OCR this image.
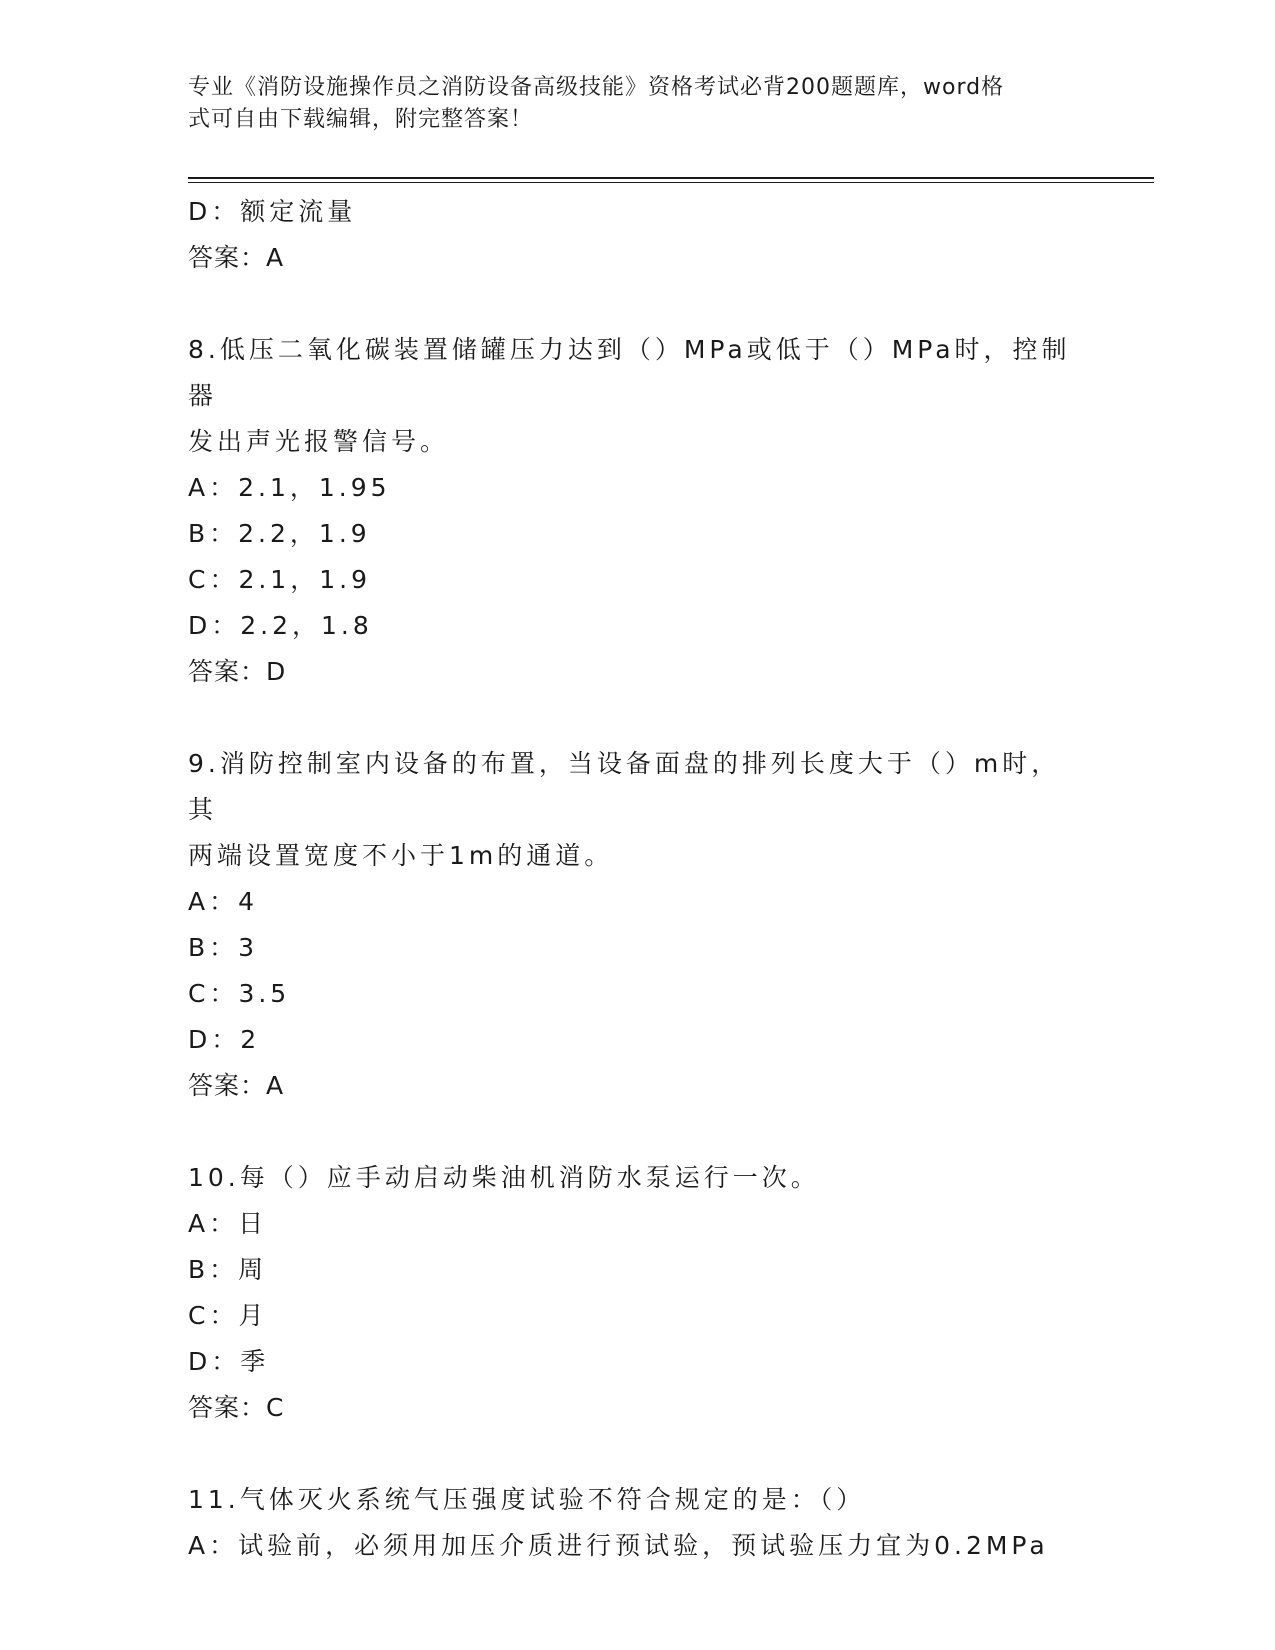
专业《消防设施操作员之消防设备高级技能》资格考试必背200题题库，word格
式可自由下载编辑，附完整答案！
D：额定流量
答案：A
8.低压二氧化碳装置储罐压力达到（）MPa或低于（）MPa时，控制器
发出声光报警信号。
A：2.1，1.95
B：2.2，1.9
C：2.1，1.9
D：2.2，1.8
答案：D
9.消防控制室内设备的布置，当设备面盘的排列长度大于（）m时，其
两端设置宽度不小于1m的通道。
A：4
B：3
C：3.5
D：2
答案：A
10.每（）应手动启动柴油机消防水泵运行一次。
A：日
B：周
C：月
D：季
答案：C
11.气体灭火系统气压强度试验不符合规定的是：（）
A：试验前，必须用加压介质进行预试验，预试验压力宜为0.2MPa
